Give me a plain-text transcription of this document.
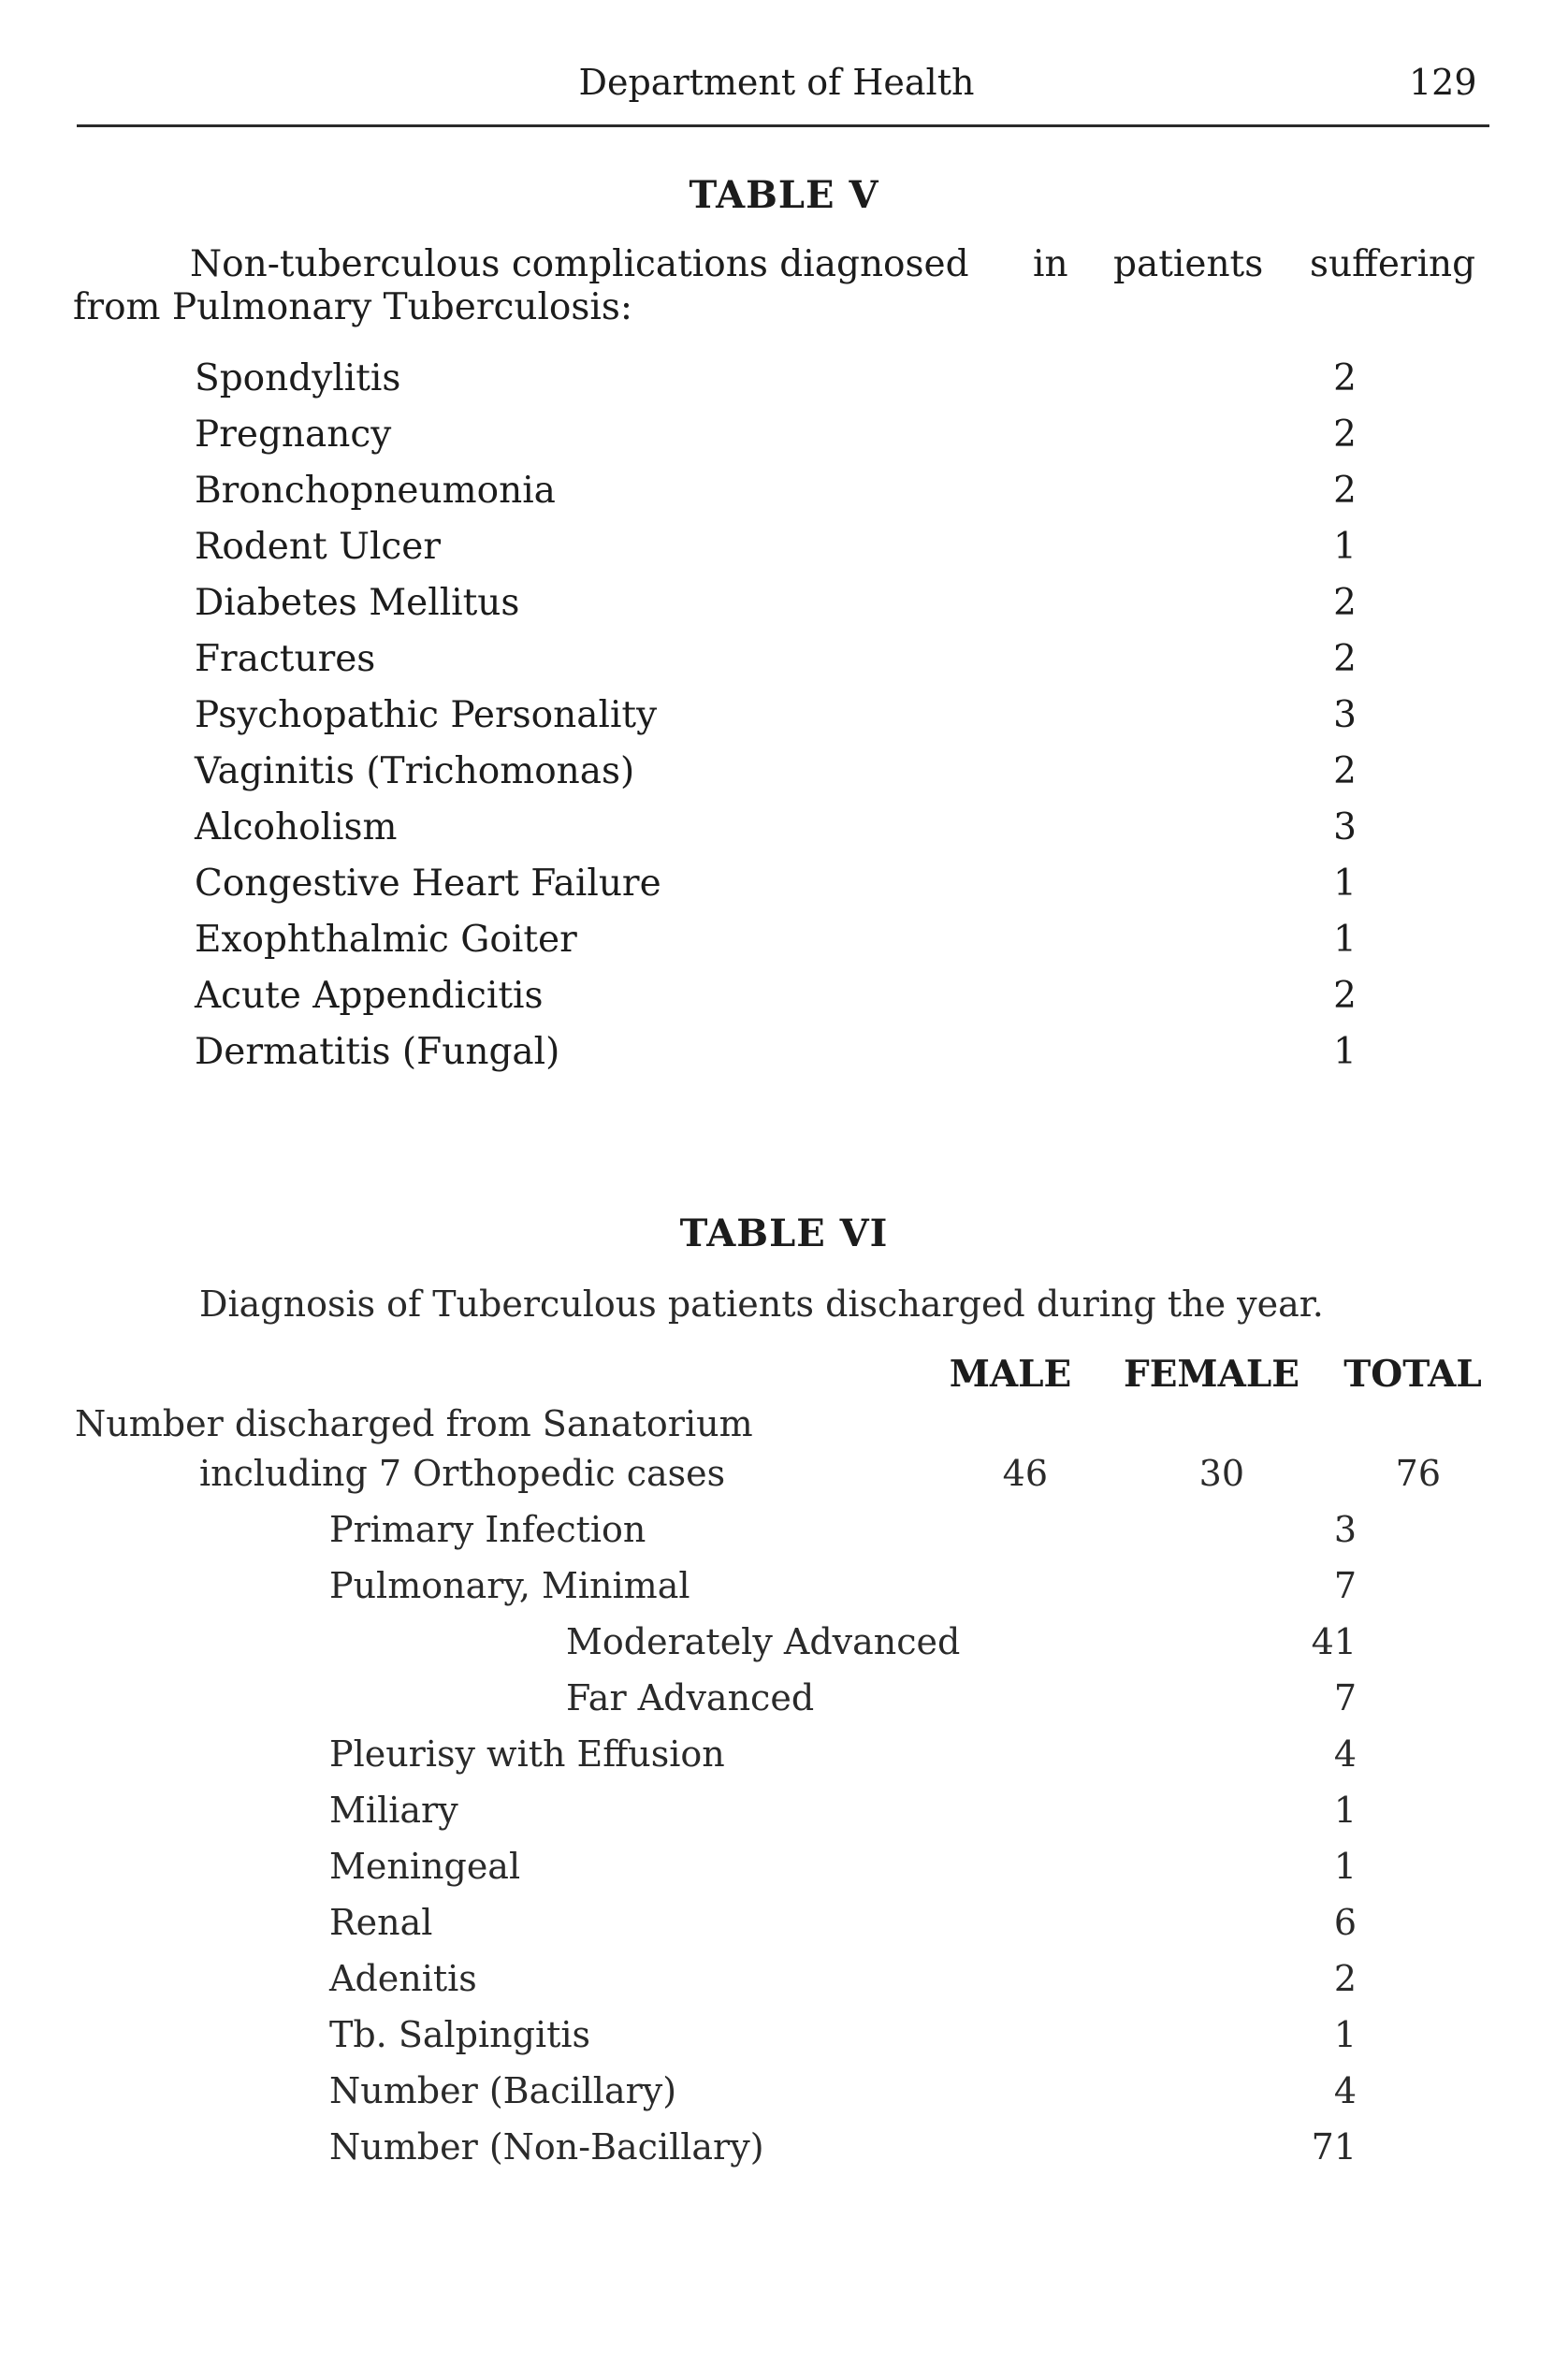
Department of Health	129
TABLE V
Non-tuberculous complications diagnosed in patients suffering
from Pulmonary Tuberculosis:
Spondylitis	2
Pregnancy	2
Bronchopneumonia	2
Rodent Ulcer	1
Diabetes Mellitus	2
Fractures	2
Psychopathic Personality	3
Vaginitis (Trichomonas)	2
Alcoholism	3
Congestive Heart Failure	1
Exophthalmic Goiter	1
Acute Appendicitis	2
Dermatitis (Fungal)	1
TABLE VI
Diagnosis of Tuberculous patients discharged during the year.
MALE	FEMALE	TOTAL
Number discharged from Sanatorium
including 7 Orthopedic cases	46	30	76
Primary Infection	3
Pulmonary, Minimal	7
Moderately Advanced	41
Far Advanced	7
Pleurisy with Effusion	4
Miliary	1
Meningeal	1
Renal	6
Adenitis	2
Tb. Salpingitis	1
Number (Bacillary)	4
Number (Non-Bacillary)	71
